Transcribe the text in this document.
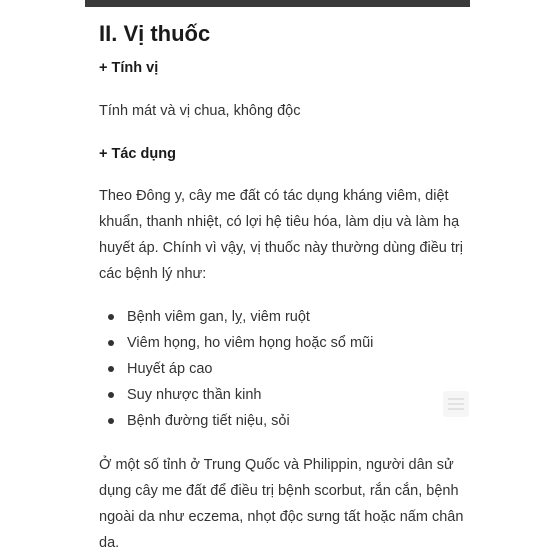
II. Vị thuốc

+ Tính vị

Tính mát và vị chua, không độc

+ Tác dụng

Theo Đông y, cây me đất có tác dụng kháng viêm, diệt khuẩn, thanh nhiệt, có lợi hệ tiêu hóa, làm dịu và làm hạ huyết áp. Chính vì vậy, vị thuốc này thường dùng điều trị các bệnh lý như:

Bệnh viêm gan, lỵ, viêm ruột
Viêm họng, ho viêm họng hoặc sổ mũi
Huyết áp cao
Suy nhược thần kinh
Bệnh đường tiết niệu, sỏi

Ở một số tỉnh ở Trung Quốc và Philippin, người dân sử dụng cây me đất để điều trị bệnh scorbut, rắn cắn, bệnh ngoài da như eczema, nhọt độc sưng tất hoặc nấm chân da.
